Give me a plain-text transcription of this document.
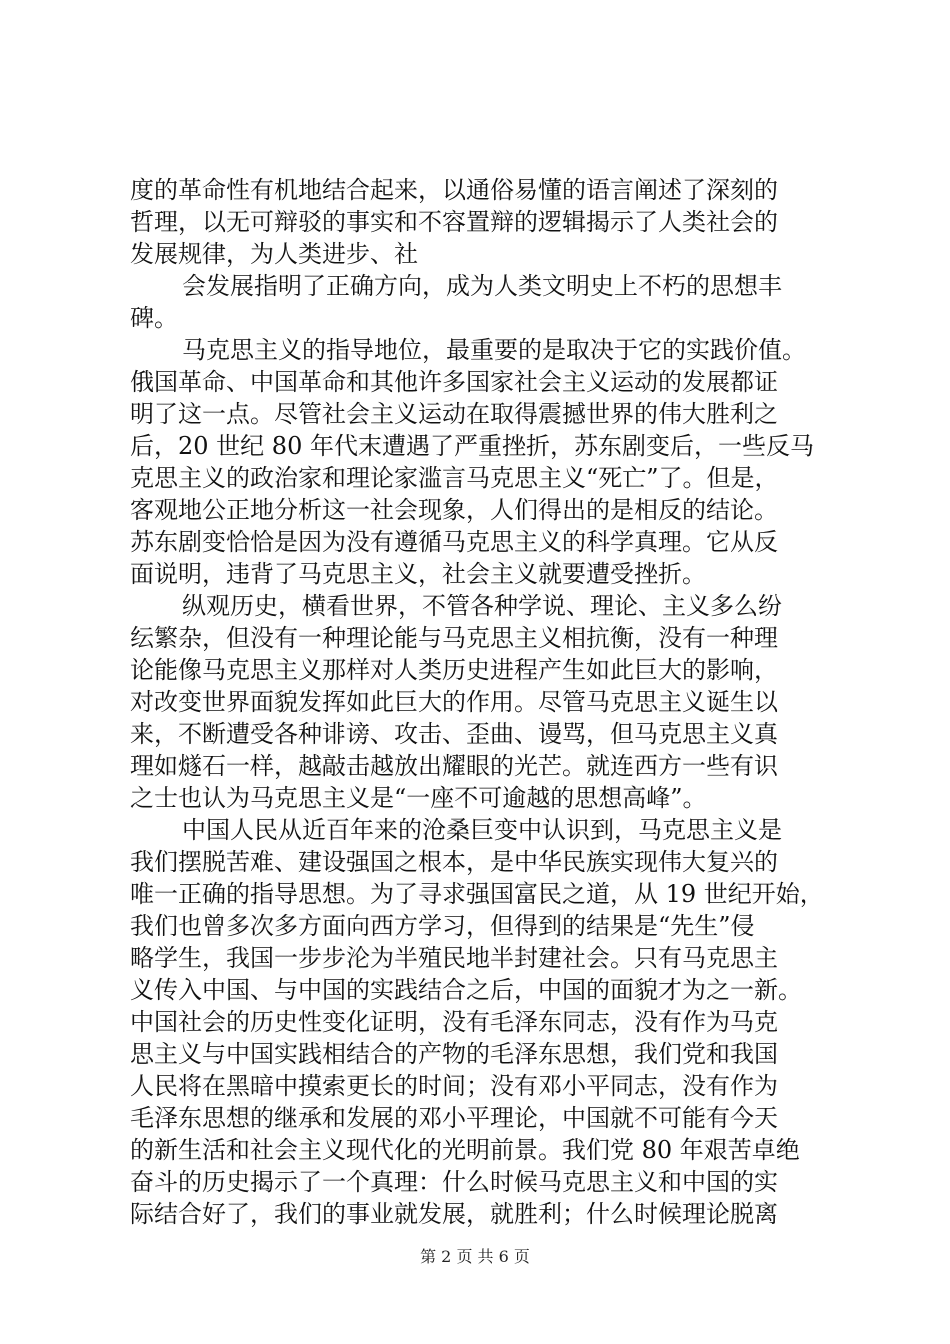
度的革命性有机地结合起来，以通俗易懂的语言阐述了深刻的
哲理，以无可辩驳的事实和不容置辩的逻辑揭示了人类社会的
发展规律，为人类进步、社
会发展指明了正确方向，成为人类文明史上不朽的思想丰
碑。
马克思主义的指导地位，最重要的是取决于它的实践价值。
俄国革命、中国革命和其他许多国家社会主义运动的发展都证
明了这一点。尽管社会主义运动在取得震撼世界的伟大胜利之
后，20 世纪 80 年代末遭遇了严重挫折，苏东剧变后，一些反马
克思主义的政治家和理论家滥言马克思主义“死亡”了。但是，
客观地公正地分析这一社会现象，人们得出的是相反的结论。
苏东剧变恰恰是因为没有遵循马克思主义的科学真理。它从反
面说明，违背了马克思主义，社会主义就要遭受挫折。
纵观历史，横看世界，不管各种学说、理论、主义多么纷
纭繁杂，但没有一种理论能与马克思主义相抗衡，没有一种理
论能像马克思主义那样对人类历史进程产生如此巨大的影响，
对改变世界面貌发挥如此巨大的作用。尽管马克思主义诞生以
来，不断遭受各种诽谤、攻击、歪曲、谩骂，但马克思主义真
理如燧石一样，越敲击越放出耀眼的光芒。就连西方一些有识
之士也认为马克思主义是“一座不可逾越的思想高峰”。
中国人民从近百年来的沧桑巨变中认识到，马克思主义是
我们摆脱苦难、建设强国之根本，是中华民族实现伟大复兴的
唯一正确的指导思想。为了寻求强国富民之道，从 19 世纪开始，
我们也曾多次多方面向西方学习，但得到的结果是“先生”侵
略学生，我国一步步沦为半殖民地半封建社会。只有马克思主
义传入中国、与中国的实践结合之后，中国的面貌才为之一新。
中国社会的历史性变化证明，没有毛泽东同志，没有作为马克
思主义与中国实践相结合的产物的毛泽东思想，我们党和我国
人民将在黑暗中摸索更长的时间；没有邓小平同志，没有作为
毛泽东思想的继承和发展的邓小平理论，中国就不可能有今天
的新生活和社会主义现代化的光明前景。我们党 80 年艰苦卓绝
奋斗的历史揭示了一个真理：什么时候马克思主义和中国的实
际结合好了，我们的事业就发展，就胜利；什么时候理论脱离
第 2 页 共 6 页
